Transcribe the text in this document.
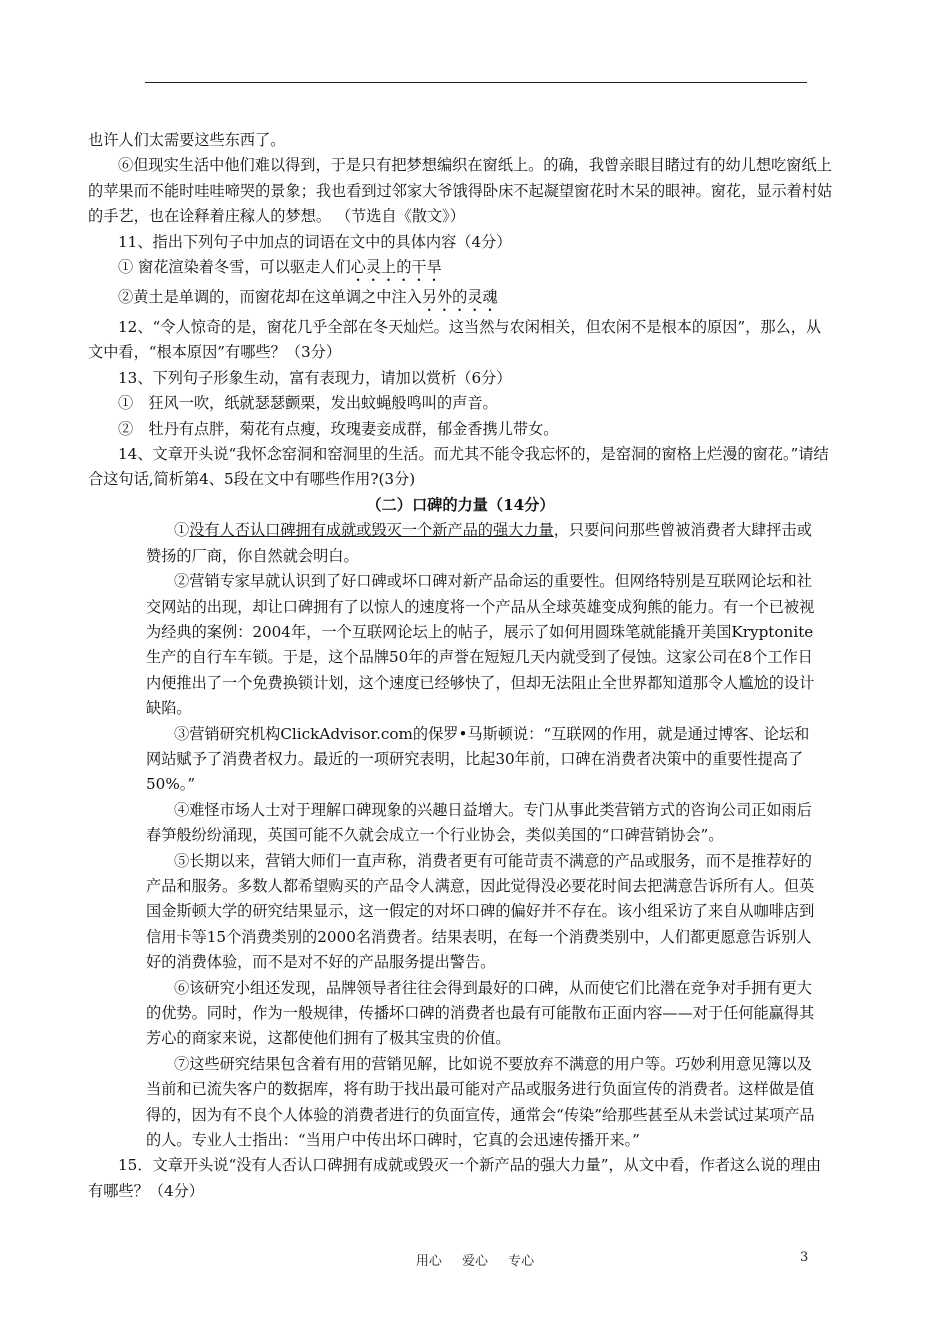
也许人们太需要这些东西了。

⑥但现实生活中他们难以得到，于是只有把梦想编织在窗纸上。的确，我曾亲眼目睹过有的幼儿想吃窗纸上的苹果而不能时哇哇啼哭的景象；我也看到过邻家大爷饿得卧床不起凝望窗花时木呆的眼神。窗花，显示着村姑的手艺，也在诠释着庄稼人的梦想。 （节选自《散文》）

11、指出下列句子中加点的词语在文中的具体内容（4分）

① 窗花渲染着冬雪，可以驱走人们心灵上的干旱

②黄土是单调的，而窗花却在这单调之中注入另外的灵魂

12、“令人惊奇的是，窗花几乎全部在冬天灿烂。这当然与农闲相关，但农闲不是根本的原因”，那么，从文中看，“根本原因”有哪些？（3分）

13、下列句子形象生动，富有表现力，请加以赏析（6分）

①　狂风一吹，纸就瑟瑟颤栗，发出蚊蝇般鸣叫的声音。

②　牡丹有点胖，菊花有点瘦，玫瑰妻妾成群，郁金香携儿带女。

14、文章开头说“我怀念窑洞和窑洞里的生活。而尤其不能令我忘怀的，是窑洞的窗格上烂漫的窗花。”请结合这句话,简析第4、5段在文中有哪些作用?(3分)

（二）口碑的力量（14分）

①没有人否认口碑拥有成就或毁灭一个新产品的强大力量，只要问问那些曾被消费者大肆抨击或赞扬的厂商，你自然就会明白。

②营销专家早就认识到了好口碑或坏口碑对新产品命运的重要性。但网络特别是互联网论坛和社交网站的出现，却让口碑拥有了以惊人的速度将一个产品从全球英雄变成狗熊的能力。有一个已被视为经典的案例：2004年，一个互联网论坛上的帖子，展示了如何用圆珠笔就能撬开美国Kryptonite生产的自行车车锁。于是，这个品牌50年的声誉在短短几天内就受到了侵蚀。这家公司在8个工作日内便推出了一个免费换锁计划，这个速度已经够快了，但却无法阻止全世界都知道那令人尴尬的设计缺陷。

③营销研究机构ClickAdvisor.com的保罗•马斯顿说：“互联网的作用，就是通过博客、论坛和网站赋予了消费者权力。最近的一项研究表明，比起30年前，口碑在消费者决策中的重要性提高了 50%。”

④难怪市场人士对于理解口碑现象的兴趣日益增大。专门从事此类营销方式的咨询公司正如雨后春笋般纷纷涌现，英国可能不久就会成立一个行业协会，类似美国的“口碑营销协会”。

⑤长期以来，营销大师们一直声称，消费者更有可能苛责不满意的产品或服务，而不是推荐好的产品和服务。多数人都希望购买的产品令人满意，因此觉得没必要花时间去把满意告诉所有人。但英国金斯顿大学的研究结果显示，这一假定的对坏口碑的偏好并不存在。该小组采访了来自从咖啡店到信用卡等15个消费类别的2000名消费者。结果表明，在每一个消费类别中，人们都更愿意告诉别人好的消费体验，而不是对不好的产品服务提出警告。

⑥该研究小组还发现，品牌领导者往往会得到最好的口碑，从而使它们比潜在竞争对手拥有更大的优势。同时，作为一般规律，传播坏口碑的消费者也最有可能散布正面内容——对于任何能赢得其芳心的商家来说，这都使他们拥有了极其宝贵的价值。

⑦这些研究结果包含着有用的营销见解，比如说不要放弃不满意的用户等。巧妙利用意见簿以及当前和已流失客户的数据库，将有助于找出最可能对产品或服务进行负面宣传的消费者。这样做是值得的，因为有不良个人体验的消费者进行的负面宣传，通常会“传染”给那些甚至从未尝试过某项产品的人。专业人士指出：“当用户中传出坏口碑时，它真的会迅速传播开来。”

15．文章开头说“没有人否认口碑拥有成就或毁灭一个新产品的强大力量”，从文中看，作者这么说的理由有哪些？（4分）

用心 爱心 专心	3
